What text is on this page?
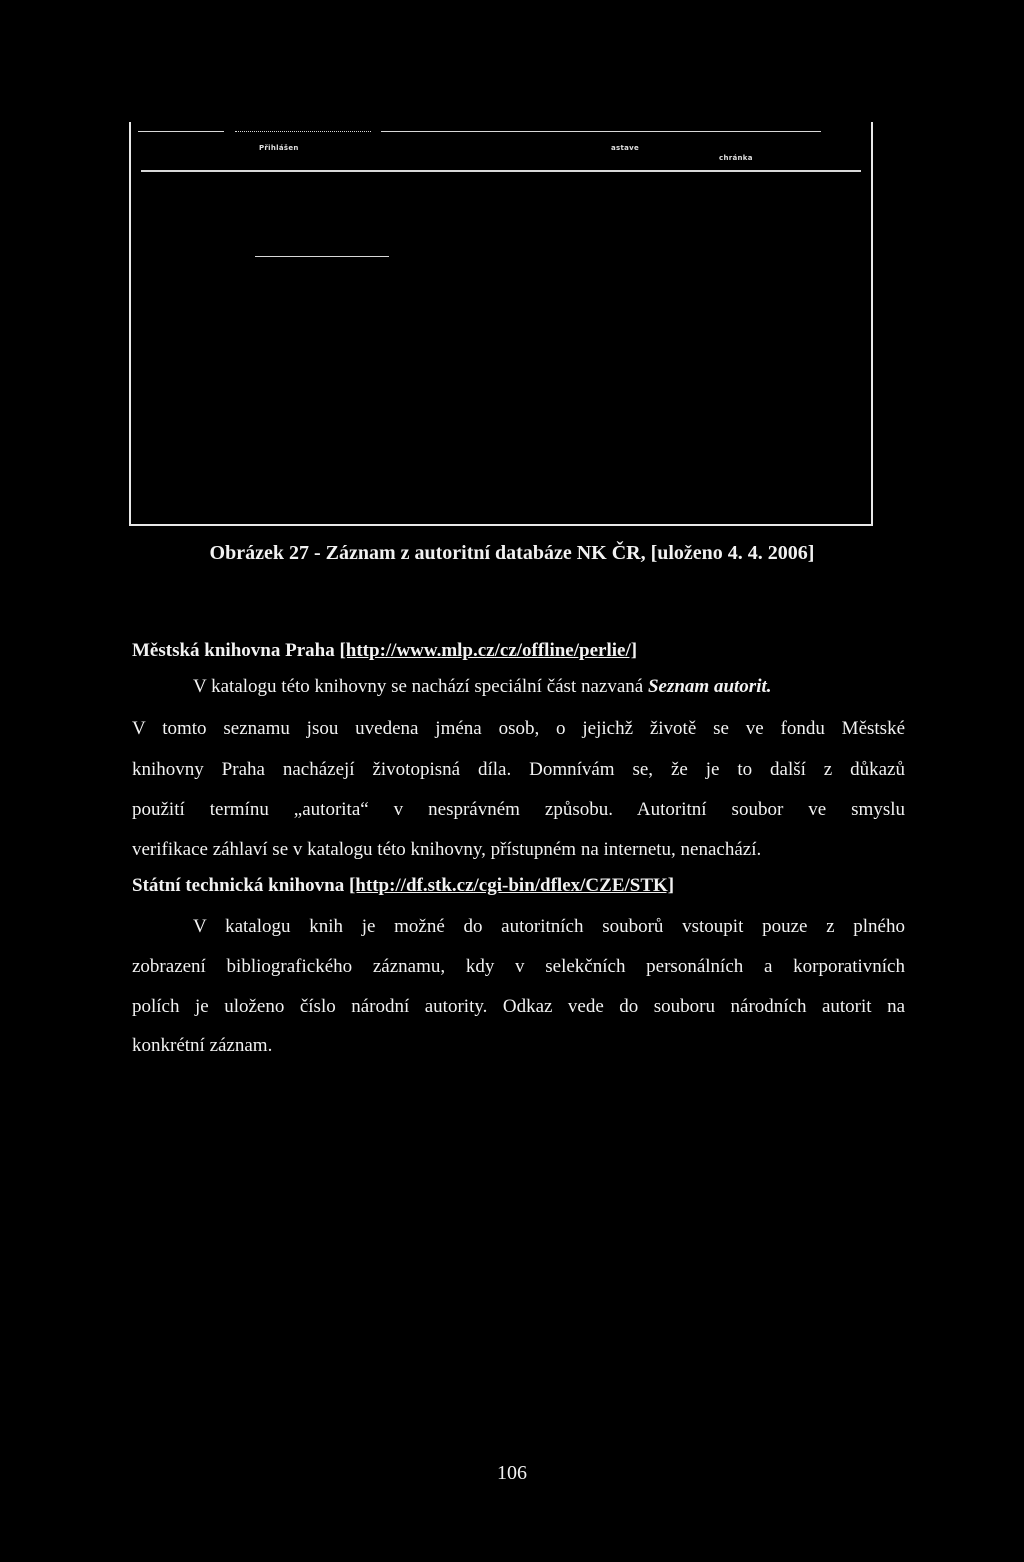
Přihlášen	astave
chránka
Obrázek 27 - Záznam z autoritní databáze NK ČR, [uloženo 4. 4. 2006]
Městská knihovna Praha [http://www.mlp.cz/cz/offline/perlie/]
V katalogu této knihovny se nachází speciální část nazvaná Seznam autorit.
V tomto seznamu jsou uvedena jména osob, o jejichž životě se ve fondu Městské
knihovny Praha nacházejí životopisná díla. Domnívám se, že je to další z důkazů
použití termínu „autorita“ v nesprávném způsobu. Autoritní soubor ve smyslu
verifikace záhlaví se v katalogu této knihovny, přístupném na internetu, nenachází.
Státní technická knihovna [http://df.stk.cz/cgi-bin/dflex/CZE/STK]
V katalogu knih je možné do autoritních souborů vstoupit pouze z plného
zobrazení bibliografického záznamu, kdy v selekčních personálních a korporativních
polích je uloženo číslo národní autority. Odkaz vede do souboru národních autorit na
konkrétní záznam.
106
